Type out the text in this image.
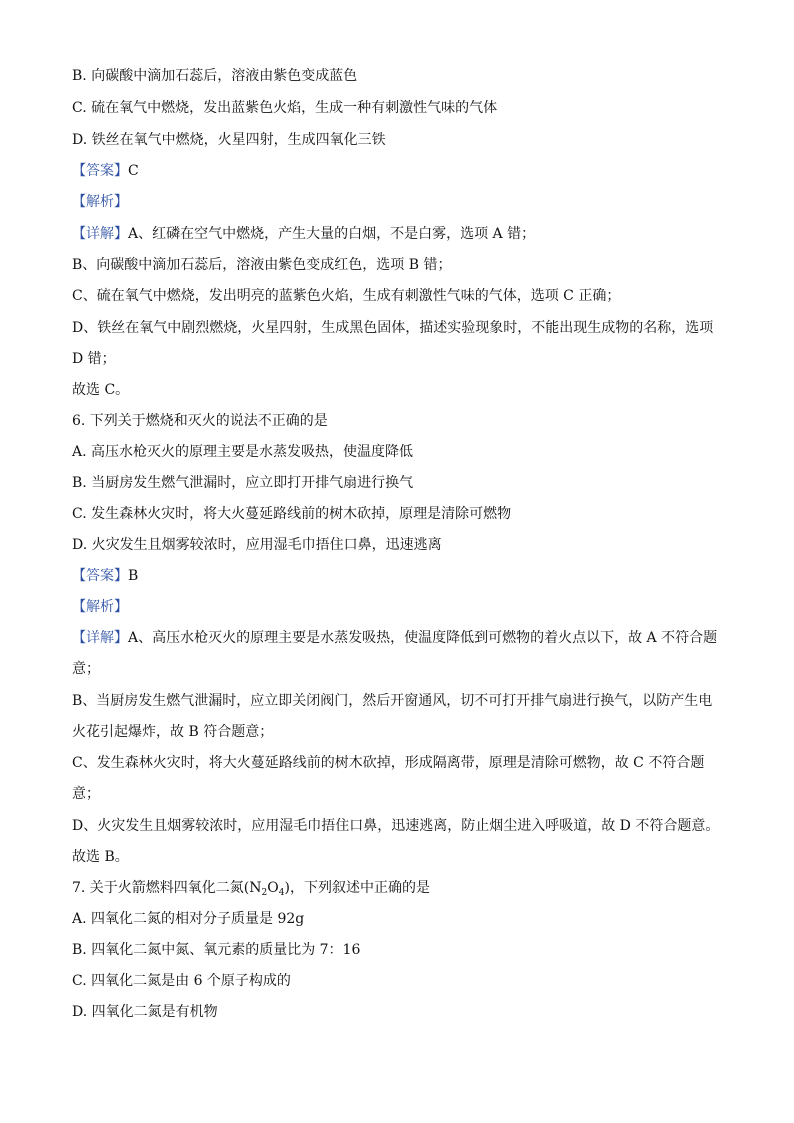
B. 向碳酸中滴加石蕊后，溶液由紫色变成蓝色
C. 硫在氧气中燃烧，发出蓝紫色火焰，生成一种有刺激性气味的气体
D. 铁丝在氧气中燃烧，火星四射，生成四氧化三铁
【答案】C
【解析】
【详解】A、红磷在空气中燃烧，产生大量的白烟，不是白雾，选项 A 错；
B、向碳酸中滴加石蕊后，溶液由紫色变成红色，选项 B 错；
C、硫在氧气中燃烧，发出明亮的蓝紫色火焰，生成有刺激性气味的气体，选项 C 正确；
D、铁丝在氧气中剧烈燃烧，火星四射，生成黑色固体，描述实验现象时，不能出现生成物的名称，选项
D 错；
故选 C。
6. 下列关于燃烧和灭火的说法不正确的是
A. 高压水枪灭火的原理主要是水蒸发吸热，使温度降低
B. 当厨房发生燃气泄漏时，应立即打开排气扇进行换气
C. 发生森林火灾时，将大火蔓延路线前的树木砍掉，原理是清除可燃物
D. 火灾发生且烟雾较浓时，应用湿毛巾捂住口鼻，迅速逃离
【答案】B
【解析】
【详解】A、高压水枪灭火的原理主要是水蒸发吸热，使温度降低到可燃物的着火点以下，故 A 不符合题
意；
B、当厨房发生燃气泄漏时，应立即关闭阀门，然后开窗通风，切不可打开排气扇进行换气，以防产生电
火花引起爆炸，故 B 符合题意；
C、发生森林火灾时，将大火蔓延路线前的树木砍掉，形成隔离带，原理是清除可燃物，故 C 不符合题
意；
D、火灾发生且烟雾较浓时，应用湿毛巾捂住口鼻，迅速逃离，防止烟尘进入呼吸道，故 D 不符合题意。
故选 B。
7. 关于火箭燃料四氧化二氮$(N_2O_4)$，下列叙述中正确的是
A. 四氧化二氮的相对分子质量是 92g
B. 四氧化二氮中氮、氧元素的质量比为 7：16
C. 四氧化二氮是由 6 个原子构成的
D. 四氧化二氮是有机物
